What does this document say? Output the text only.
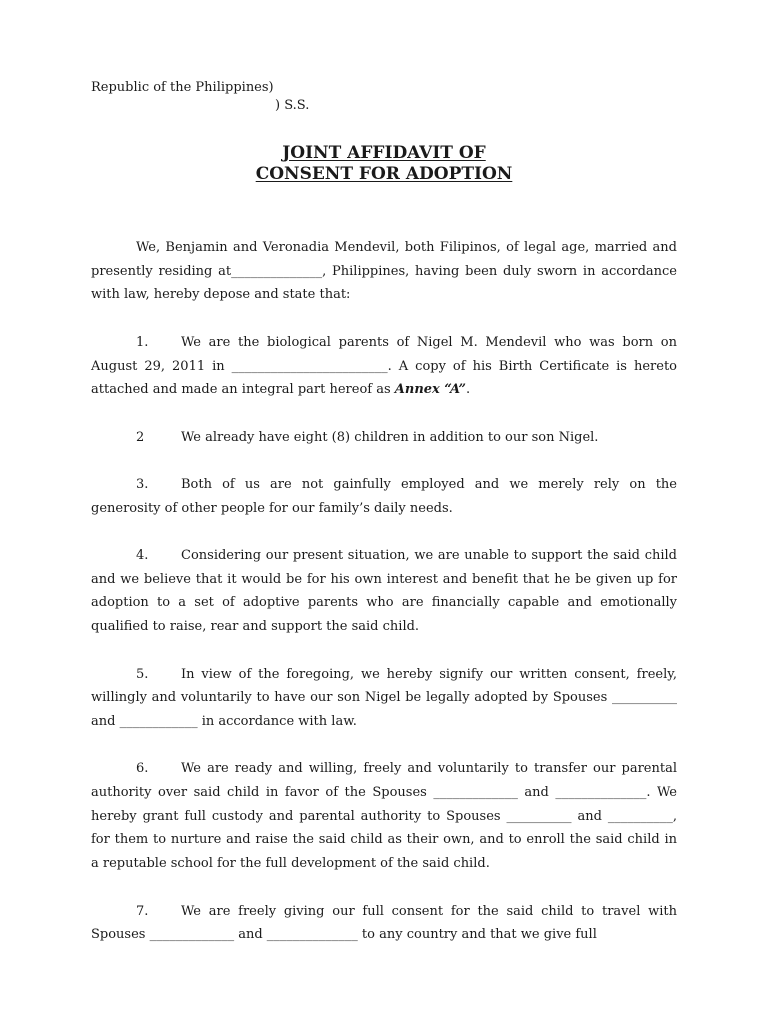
Republic of the Philippines)
) S.S.
JOINT AFFIDAVIT OF
CONSENT FOR ADOPTION

We, Benjamin and Veronadia Mendevil, both Filipinos, of legal age, married and presently residing at______________, Philippines, having been duly sworn in accordance with law, hereby depose and state that:

1.	We are the biological parents of Nigel M. Mendevil who was born on August 29, 2011 in ________________________. A copy of his Birth Certificate is hereto attached and made an integral part hereof as Annex “A”.

2	We already have eight (8) children in addition to our son Nigel.

3.	Both of us are not gainfully employed and we merely rely on the generosity of other people for our family’s daily needs.

4.	Considering our present situation, we are unable to support the said child and we believe that it would be for his own interest and benefit that he be given up for adoption to a set of adoptive parents who are financially capable and emotionally qualified to raise, rear and support the said child.

5.	In view of the foregoing, we hereby signify our written consent, freely, willingly and voluntarily to have our son Nigel be legally adopted by Spouses __________ and ____________ in accordance with law.

6.	We are ready and willing, freely and voluntarily to transfer our parental authority over said child in favor of the Spouses _____________ and ______________. We hereby grant full custody and parental authority to Spouses __________ and __________, for them to nurture and raise the said child as their own, and to enroll the said child in a reputable school for the full development of the said child.

7.	We are freely giving our full consent for the said child to travel with Spouses _____________ and ______________ to any country and that we give full
